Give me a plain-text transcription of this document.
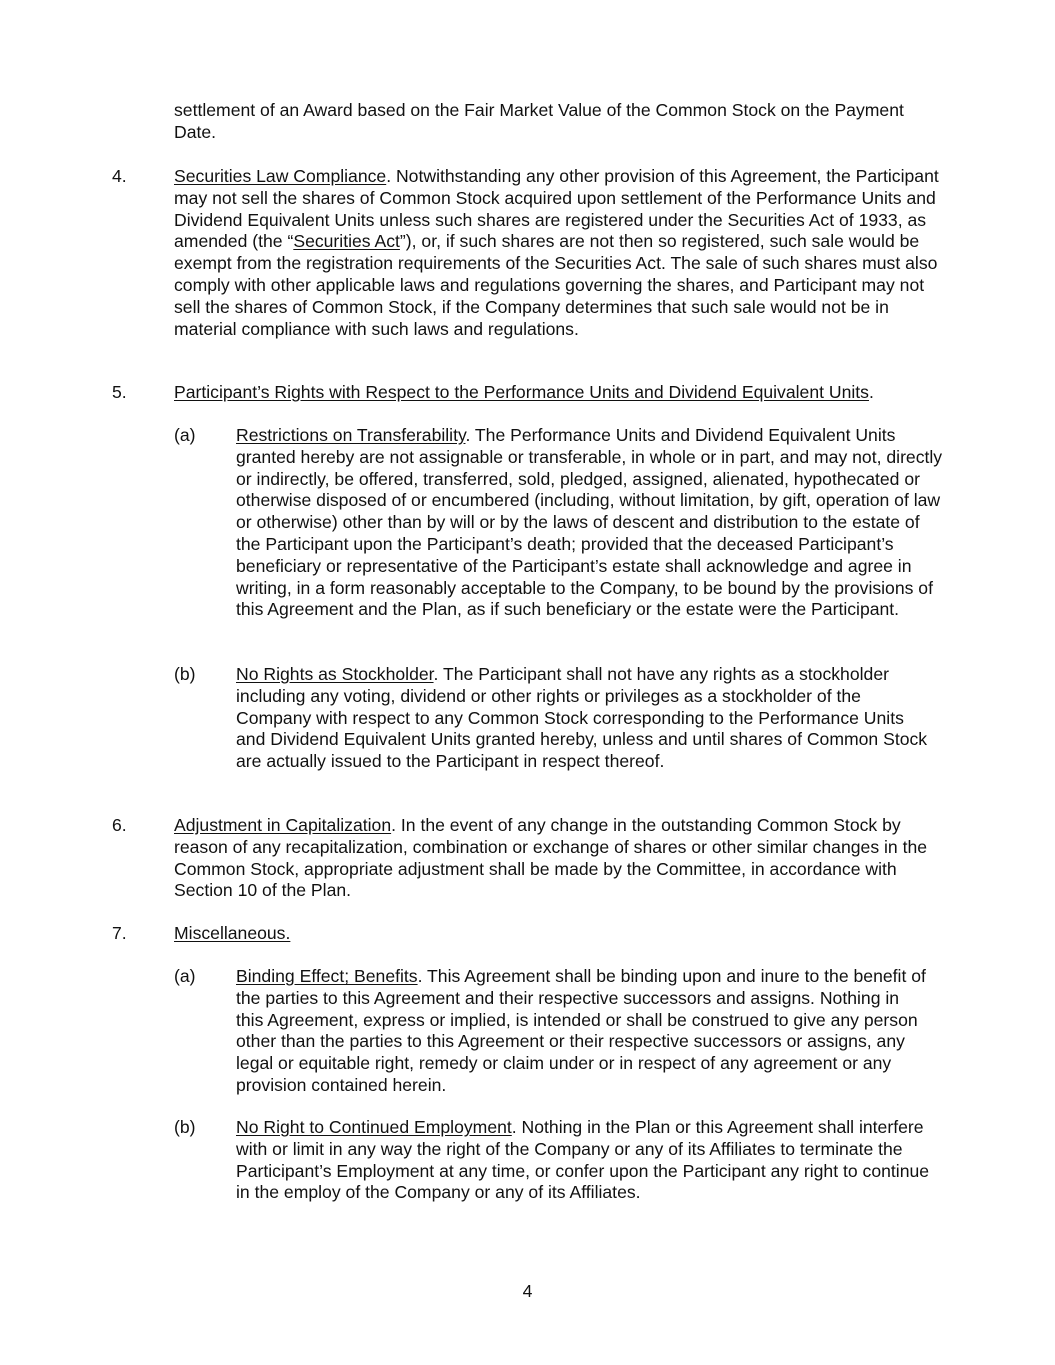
settlement of an Award based on the Fair Market Value of the Common Stock on the Payment Date.

4.	Securities Law Compliance. Notwithstanding any other provision of this Agreement, the Participant may not sell the shares of Common Stock acquired upon settlement of the Performance Units and Dividend Equivalent Units unless such shares are registered under the Securities Act of 1933, as amended (the “Securities Act”), or, if such shares are not then so registered, such sale would be exempt from the registration requirements of the Securities Act. The sale of such shares must also comply with other applicable laws and regulations governing the shares, and Participant may not sell the shares of Common Stock, if the Company determines that such sale would not be in material compliance with such laws and regulations.

5.	Participant’s Rights with Respect to the Performance Units and Dividend Equivalent Units.

(a) Restrictions on Transferability. The Performance Units and Dividend Equivalent Units granted hereby are not assignable or transferable, in whole or in part, and may not, directly or indirectly, be offered, transferred, sold, pledged, assigned, alienated, hypothecated or otherwise disposed of or encumbered (including, without limitation, by gift, operation of law or otherwise) other than by will or by the laws of descent and distribution to the estate of the Participant upon the Participant’s death; provided that the deceased Participant’s beneficiary or representative of the Participant’s estate shall acknowledge and agree in writing, in a form reasonably acceptable to the Company, to be bound by the provisions of this Agreement and the Plan, as if such beneficiary or the estate were the Participant.

(b) No Rights as Stockholder. The Participant shall not have any rights as a stockholder including any voting, dividend or other rights or privileges as a stockholder of the Company with respect to any Common Stock corresponding to the Performance Units and Dividend Equivalent Units granted hereby, unless and until shares of Common Stock are actually issued to the Participant in respect thereof.

6.	Adjustment in Capitalization. In the event of any change in the outstanding Common Stock by reason of any recapitalization, combination or exchange of shares or other similar changes in the Common Stock, appropriate adjustment shall be made by the Committee, in accordance with Section 10 of the Plan.

7.	Miscellaneous.

(a) Binding Effect; Benefits. This Agreement shall be binding upon and inure to the benefit of the parties to this Agreement and their respective successors and assigns. Nothing in this Agreement, express or implied, is intended or shall be construed to give any person other than the parties to this Agreement or their respective successors or assigns, any legal or equitable right, remedy or claim under or in respect of any agreement or any provision contained herein.

(b) No Right to Continued Employment. Nothing in the Plan or this Agreement shall interfere with or limit in any way the right of the Company or any of its Affiliates to terminate the Participant’s Employment at any time, or confer upon the Participant any right to continue in the employ of the Company or any of its Affiliates.

4
